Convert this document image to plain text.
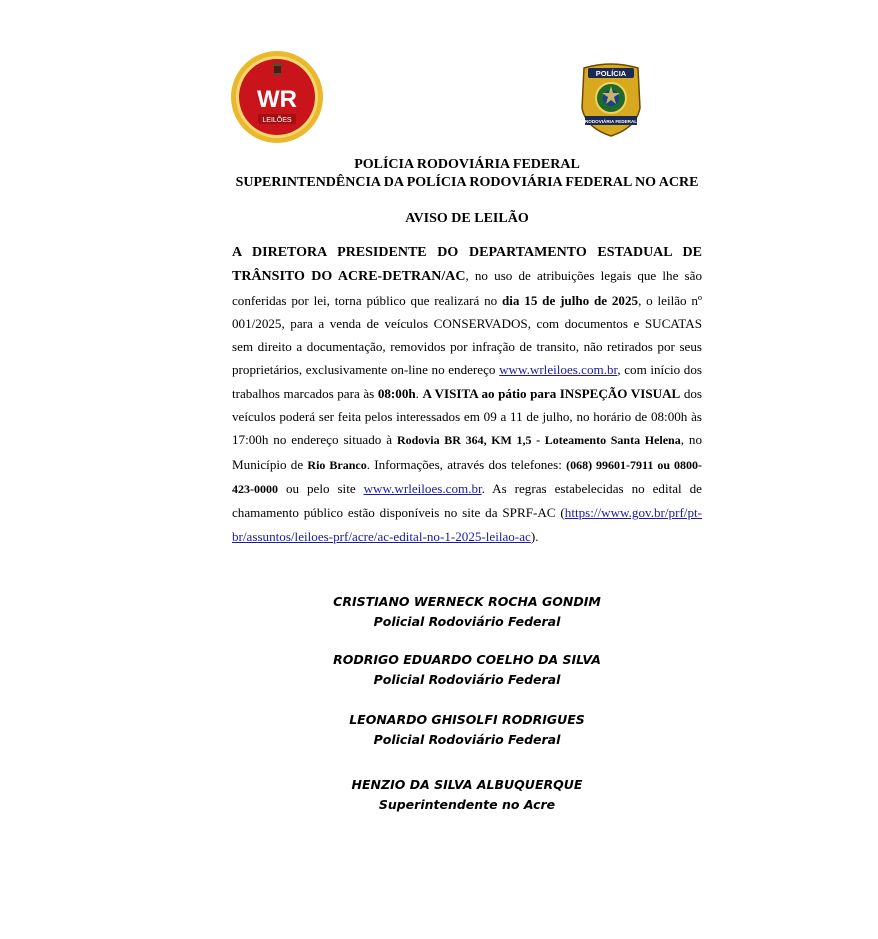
WR
LEILÕES
POLÍCIA
RODOVIÁRIA FEDERAL
POLÍCIA RODOVIÁRIA FEDERAL
SUPERINTENDÊNCIA DA POLÍCIA RODOVIÁRIA FEDERAL NO ACRE
AVISO DE LEILÃO

A DIRETORA PRESIDENTE DO DEPARTAMENTO ESTADUAL DE TRÂNSITO DO ACRE-DETRAN/AC, no uso de atribuições legais que lhe são conferidas por lei, torna público que realizará no dia 15 de julho de 2025, o leilão nº 001/2025, para a venda de veículos CONSERVADOS, com documentos e SUCATAS sem direito a documentação, removidos por infração de transito, não retirados por seus proprietários, exclusivamente on-line no endereço www.wrleiloes.com.br, com início dos trabalhos marcados para às 08:00h. A VISITA ao pátio para INSPEÇÃO VISUAL dos veículos poderá ser feita pelos interessados em 09 a 11 de julho, no horário de 08:00h às 17:00h no endereço situado à Rodovia BR 364, KM 1,5 - Loteamento Santa Helena, no Município de Rio Branco. Informações, através dos telefones: (068) 99601-7911 ou 0800-423-0000 ou pelo site www.wrleiloes.com.br. As regras estabelecidas no edital de chamamento público estão disponíveis no site da SPRF-AC (https://www.gov.br/prf/pt-br/assuntos/leiloes-prf/acre/ac-edital-no-1-2025-leilao-ac).

CRISTIANO WERNECK ROCHA GONDIM
Policial Rodoviário Federal
RODRIGO EDUARDO COELHO DA SILVA
Policial Rodoviário Federal
LEONARDO GHISOLFI RODRIGUES
Policial Rodoviário Federal
HENZIO DA SILVA ALBUQUERQUE
Superintendente no Acre
